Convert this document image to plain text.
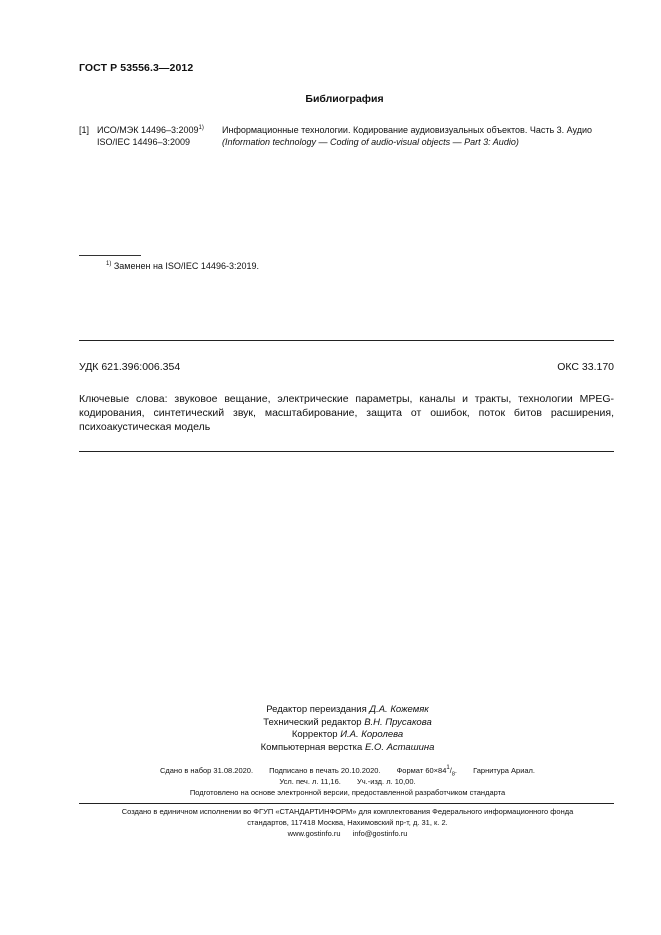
ГОСТ Р 53556.3—2012
Библиография
[1] ИСО/МЭК 14496–3:2009$^{1)}$
ISO/IEC 14496–3:2009
Информационные технологии. Кодирование аудиовизуальных объектов. Часть 3. Аудио
(Information technology — Coding of audio-visual objects — Part 3: Audio)
$^{1)}$ Заменен на ISO/IEC 14496-3:2019.
УДК 621.396:006.354	ОКС 33.170
Ключевые слова: звуковое вещание, электрические параметры, каналы и тракты, технологии MPEG-кодирования, синтетический звук, масштабирование, защита от ошибок, поток битов расширения, психоакустическая модель
Редактор переиздания Д.А. Кожемяк
Технический редактор В.Н. Прусакова
Корректор И.А. Королева
Компьютерная верстка Е.О. Асташина
Сдано в набор 31.08.2020. Подписано в печать 20.10.2020. Формат $60\times 84^1/_8$. Гарнитура Ариал.
Усл. печ. л. 11,16. Уч.-изд. л. 10,00.
Подготовлено на основе электронной версии, предоставленной разработчиком стандарта
Создано в единичном исполнении во ФГУП «СТАНДАРТИНФОРМ» для комплектования Федерального информационного фонда
стандартов, 117418 Москва, Нахимовский пр-т, д. 31, к. 2.
www.gostinfo.ru info@gostinfo.ru
